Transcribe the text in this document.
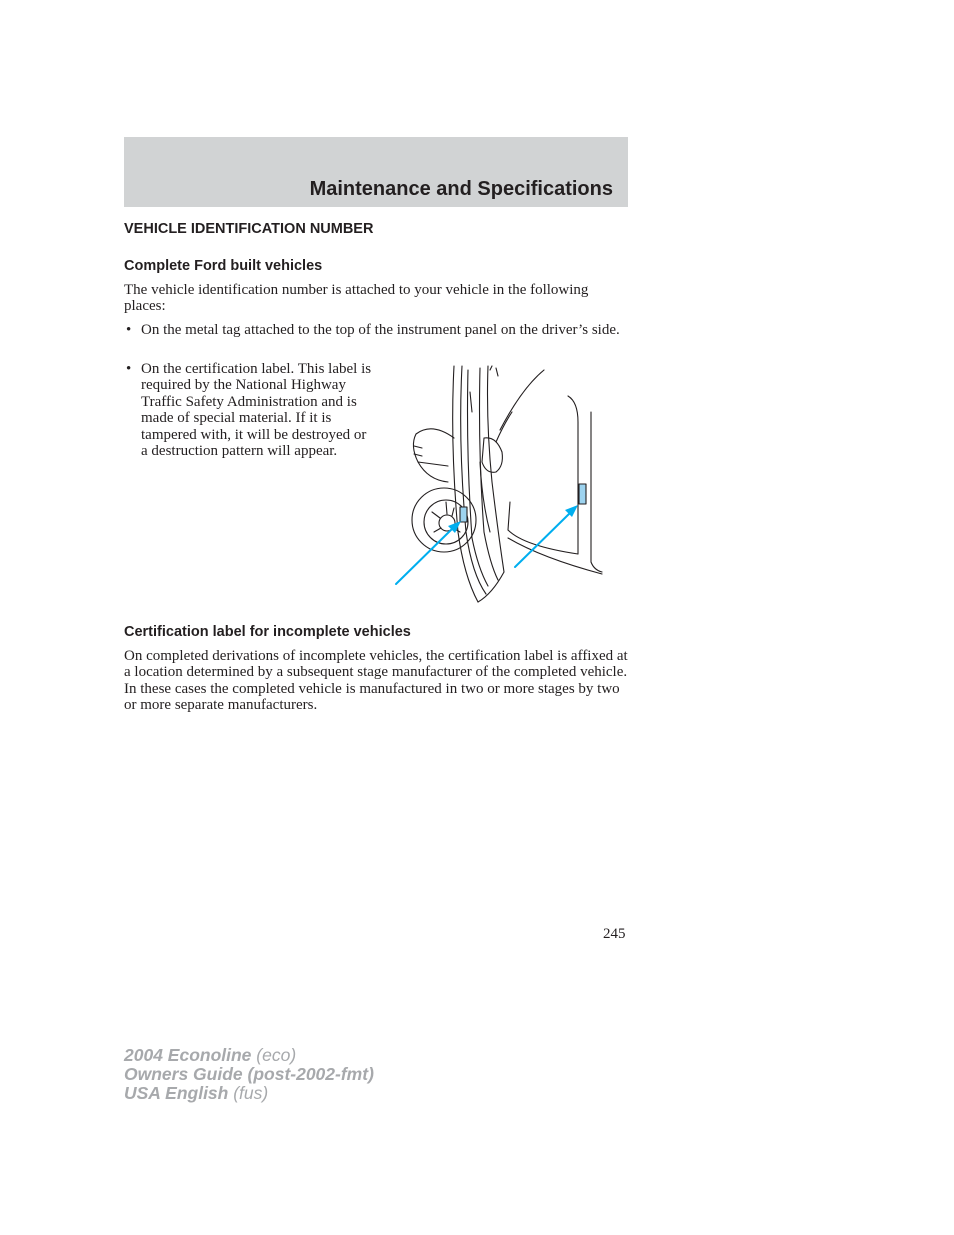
Maintenance and Specifications
VEHICLE IDENTIFICATION NUMBER
Complete Ford built vehicles

The vehicle identification number is attached to your vehicle in the following places:

• On the metal tag attached to the top of the instrument panel on the driver’s side.
• On the certification label. This label is required by the National Highway Traffic Safety Administration and is made of special material. If it is tampered with, it will be destroyed or a destruction pattern will appear.
Certification label for incomplete vehicles

On completed derivations of incomplete vehicles, the certification label is affixed at a location determined by a subsequent stage manufacturer of the completed vehicle. In these cases the completed vehicle is manufactured in two or more stages by two or more separate manufacturers.

245

2004 Econoline (eco)
Owners Guide (post-2002-fmt)
USA English (fus)
